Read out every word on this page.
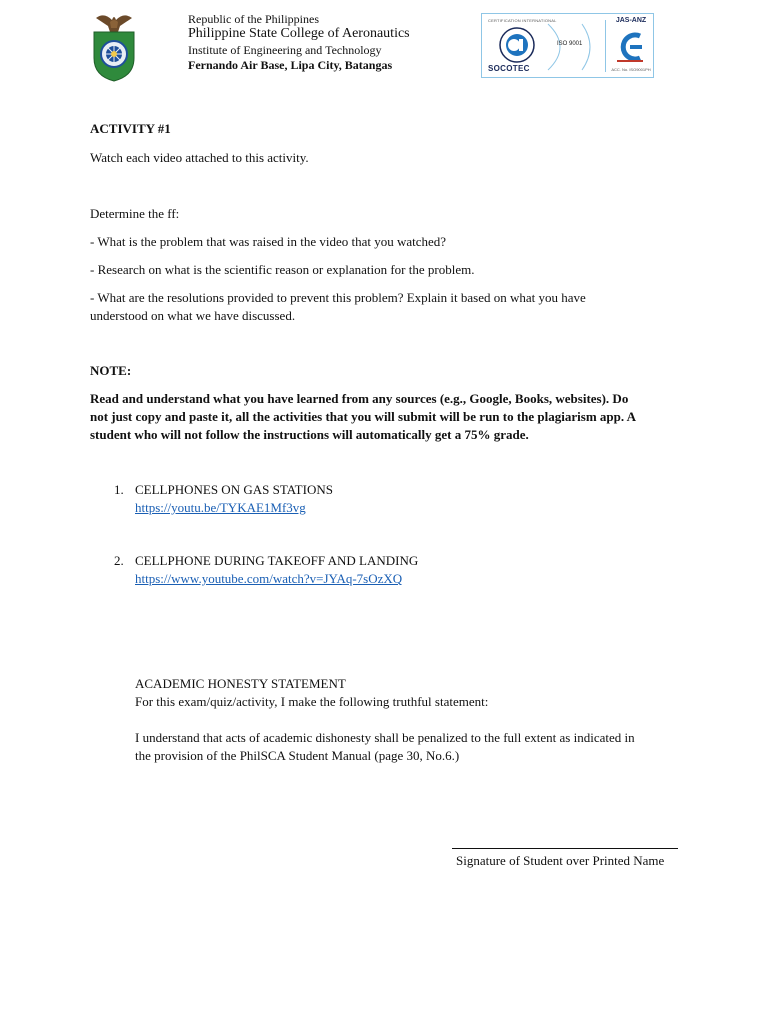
Republic of the Philippines
Philippine State College of Aeronautics
Institute of Engineering and Technology
Fernando Air Base, Lipa City, Batangas
CERTIFICATION INTERNATIONAL
SOCOTEC
ISO 9001
JAS-ANZ
ACC. No. ISO9001PH
ACTIVITY #1
Watch each video attached to this activity.
Determine the ff:
- What is the problem that was raised in the video that you watched?
- Research on what is the scientific reason or explanation for the problem.
- What are the resolutions provided to prevent this problem? Explain it based on what you have
understood on what we have discussed.
NOTE:
Read and understand what you have learned from any sources (e.g., Google, Books, websites). Do
not just copy and paste it, all the activities that you will submit will be run to the plagiarism app. A
student who will not follow the instructions will automatically get a 75% grade.
1. CELLPHONES ON GAS STATIONS
https://youtu.be/TYKAE1Mf3vg
2. CELLPHONE DURING TAKEOFF AND LANDING
https://www.youtube.com/watch?v=JYAq-7sOzXQ
ACADEMIC HONESTY STATEMENT
For this exam/quiz/activity, I make the following truthful statement:
I understand that acts of academic dishonesty shall be penalized to the full extent as indicated in
the provision of the PhilSCA Student Manual (page 30, No.6.)
Signature of Student over Printed Name
